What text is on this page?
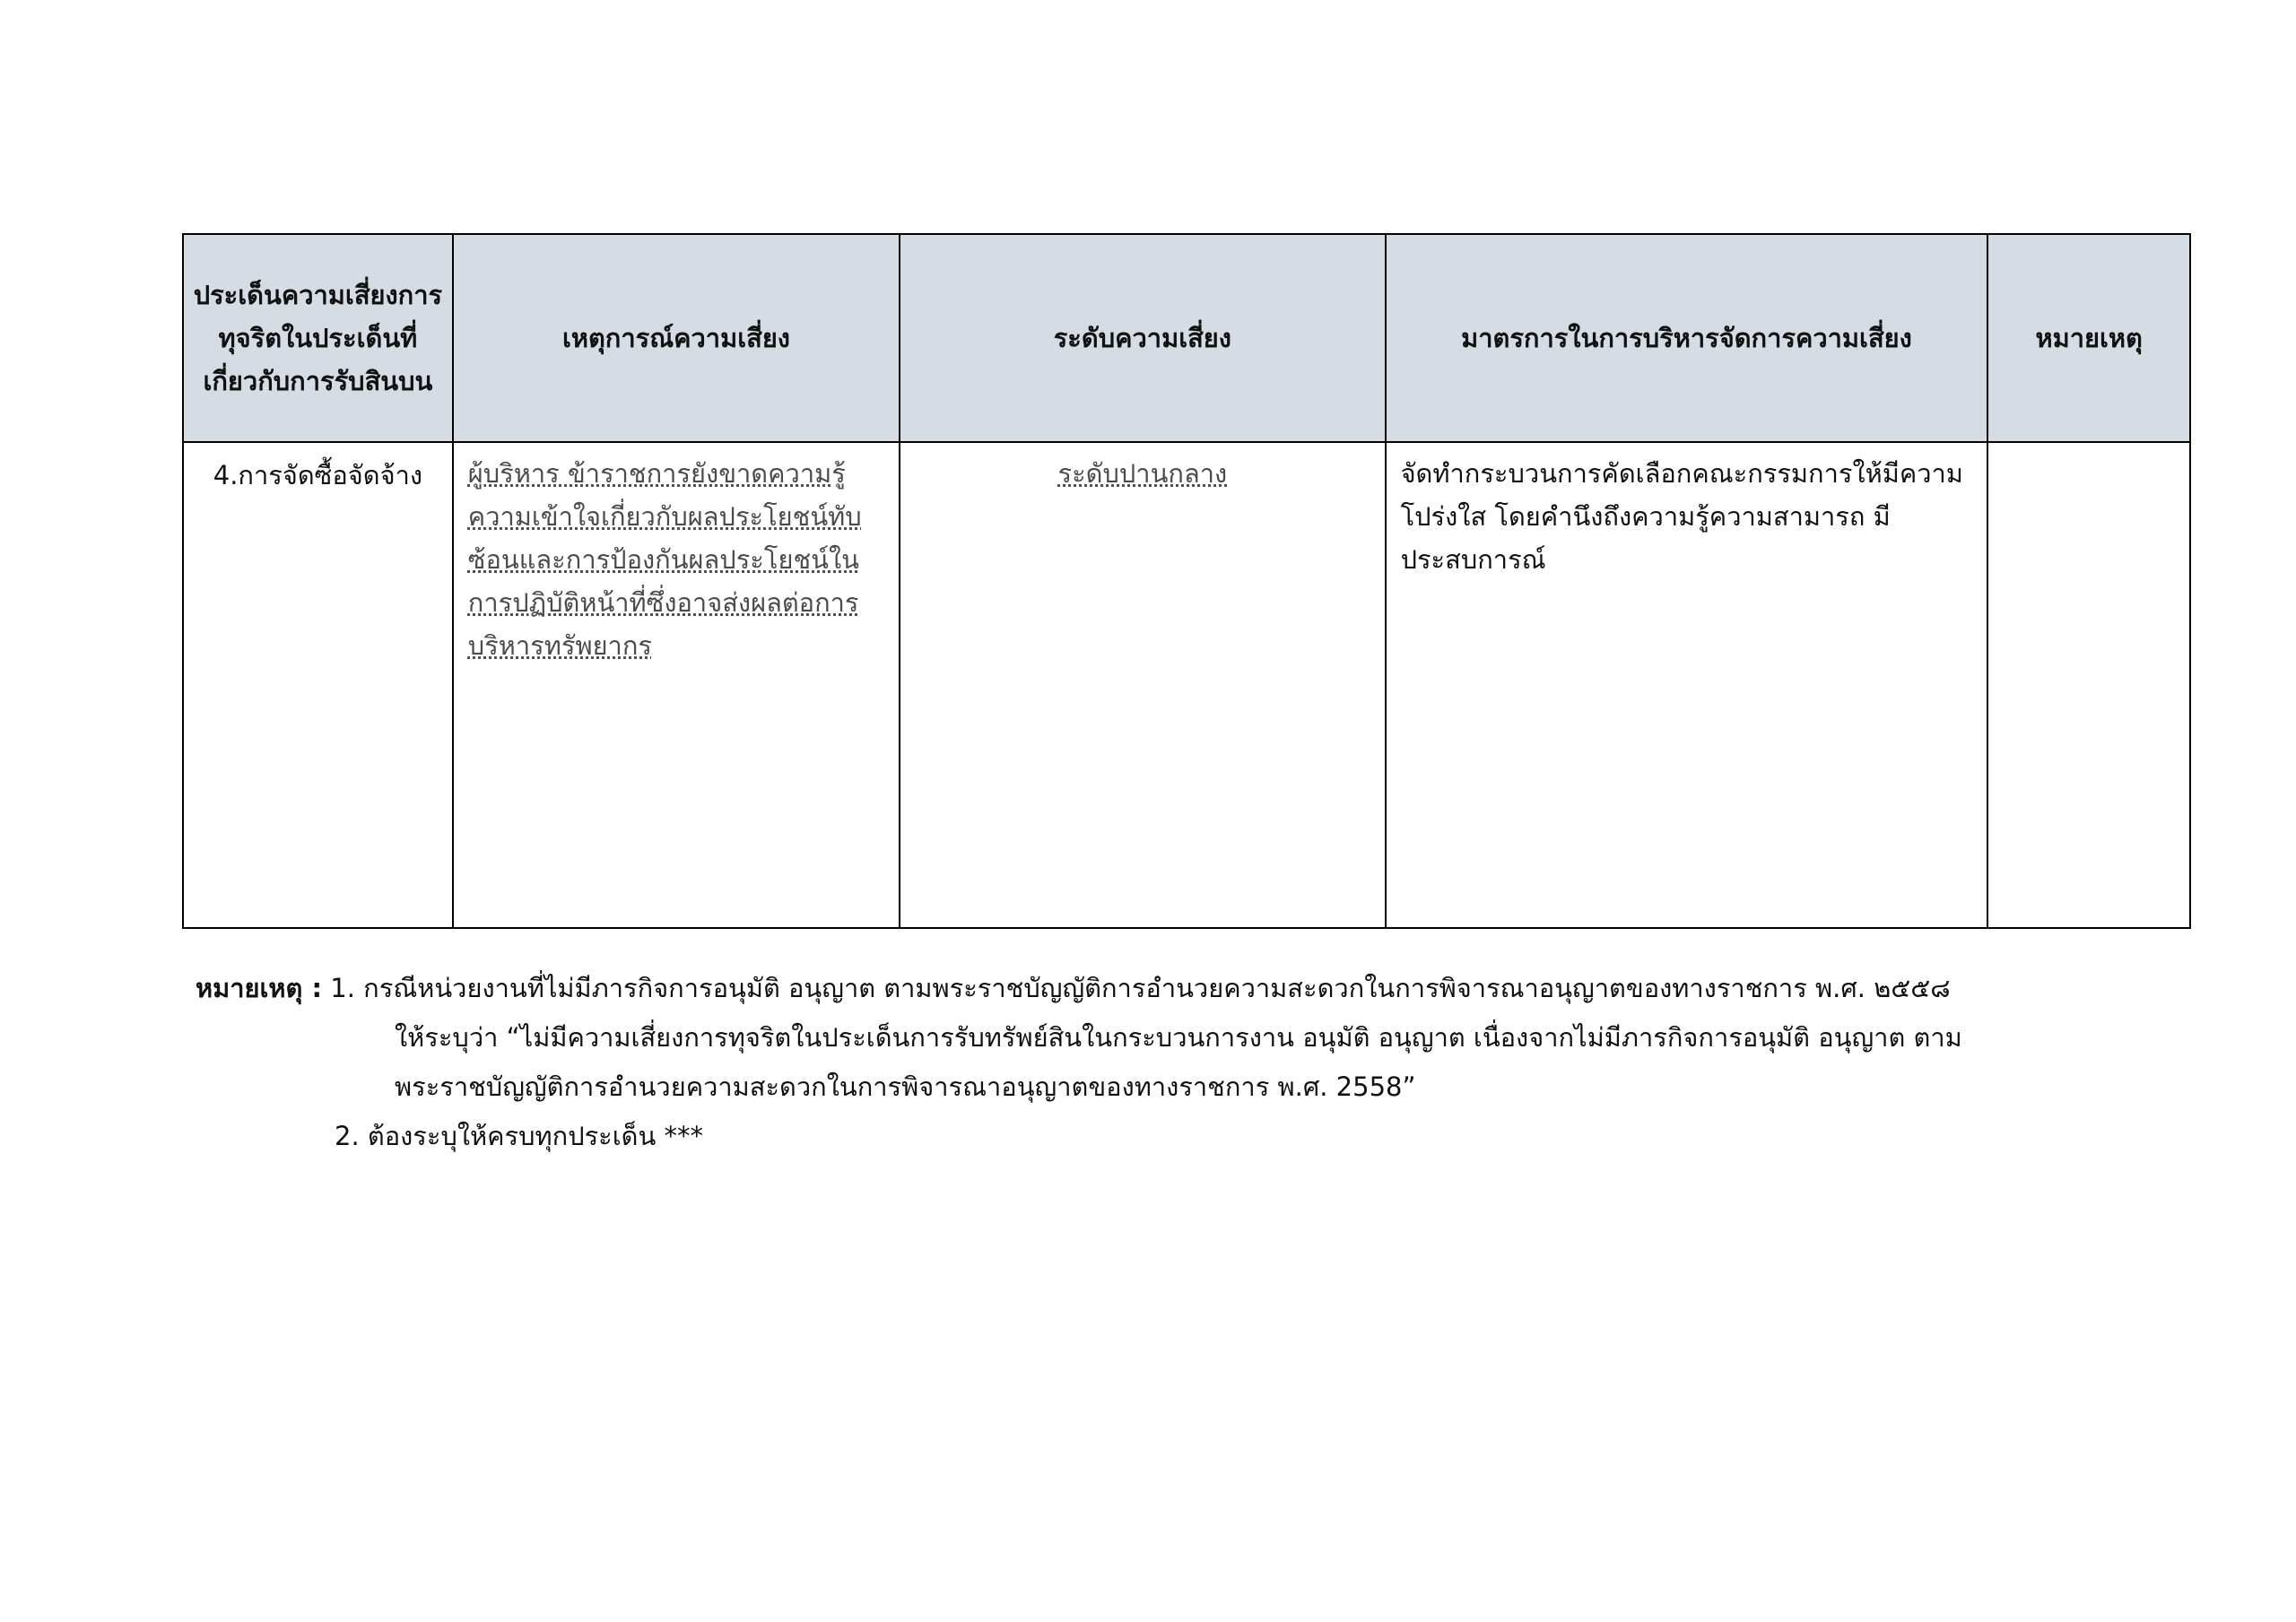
ประเด็นความเสี่ยงการทุจริตในประเด็นที่เกี่ยวกับการรับสินบน	เหตุการณ์ความเสี่ยง	ระดับความเสี่ยง	มาตรการในการบริหารจัดการความเสี่ยง	หมายเหตุ
4.การจัดซื้อจัดจ้าง	ผู้บริหาร ข้าราชการยังขาดความรู้ ความเข้าใจเกี่ยวกับผลประโยชน์ทับซ้อนและการป้องกันผลประโยชน์ในการปฏิบัติหน้าที่ซึ่งอาจส่งผลต่อการบริหารทรัพยากร	ระดับปานกลาง	จัดทำกระบวนการคัดเลือกคณะกรรมการให้มีความโปร่งใส โดยคำนึงถึงความรู้ความสามารถ มีประสบการณ์	
หมายเหตุ : 1. กรณีหน่วยงานที่ไม่มีภารกิจการอนุมัติ อนุญาต ตามพระราชบัญญัติการอำนวยความสะดวกในการพิจารณาอนุญาตของทางราชการ พ.ศ. ๒๕๕๘
ให้ระบุว่า “ไม่มีความเสี่ยงการทุจริตในประเด็นการรับทรัพย์สินในกระบวนการงาน อนุมัติ อนุญาต เนื่องจากไม่มีภารกิจการอนุมัติ อนุญาต ตาม
พระราชบัญญัติการอำนวยความสะดวกในการพิจารณาอนุญาตของทางราชการ พ.ศ. 2558”
2. ต้องระบุให้ครบทุกประเด็น ***
